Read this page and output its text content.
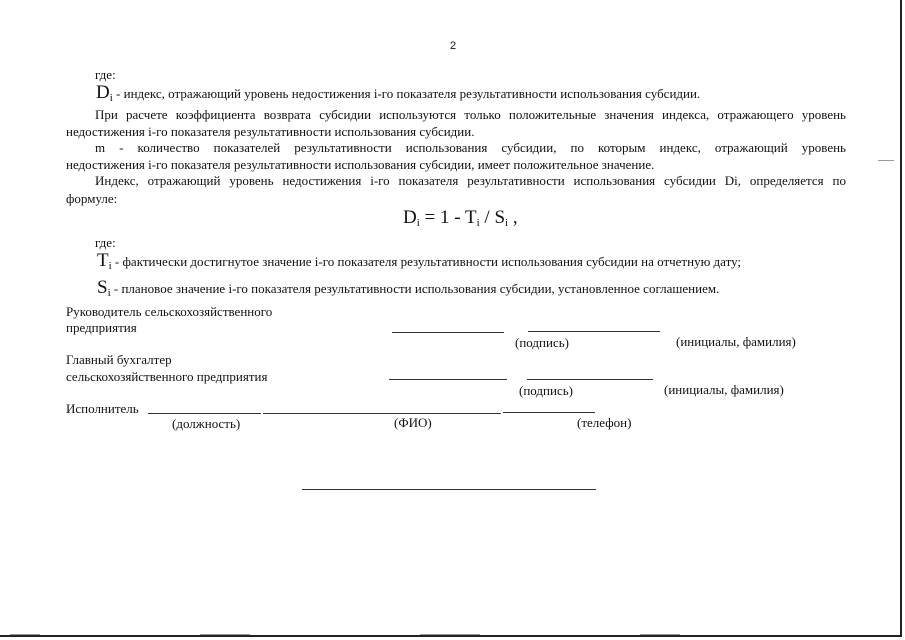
2
где:
$D_i$ - индекс, отражающий уровень недостижения i-го показателя результативности использования субсидии.
При расчете коэффициента возврата субсидии используются только положительные значения индекса, отражающего уровень
недостижения i-го показателя результативности использования субсидии.
m - количество показателей результативности использования субсидии, по которым индекс, отражающий уровень
недостижения i-го показателя результативности использования субсидии, имеет положительное значение.
Индекс, отражающий уровень недостижения i-го показателя результативности использования субсидии Di, определяется по
формуле:
Di = 1 - Ti / Si ,
где:
$T_i$ - фактически достигнутое значение i-го показателя результативности использования субсидии на отчетную дату;
$S_i$ - плановое значение i-го показателя результативности использования субсидии, установленное соглашением.
Руководитель сельскохозяйственного
предприятия
(подпись)	(инициалы, фамилия)
Главный бухгалтер
сельскохозяйственного предприятия
(подпись)	(инициалы, фамилия)
Исполнитель
(должность)	(ФИО)	(телефон)
